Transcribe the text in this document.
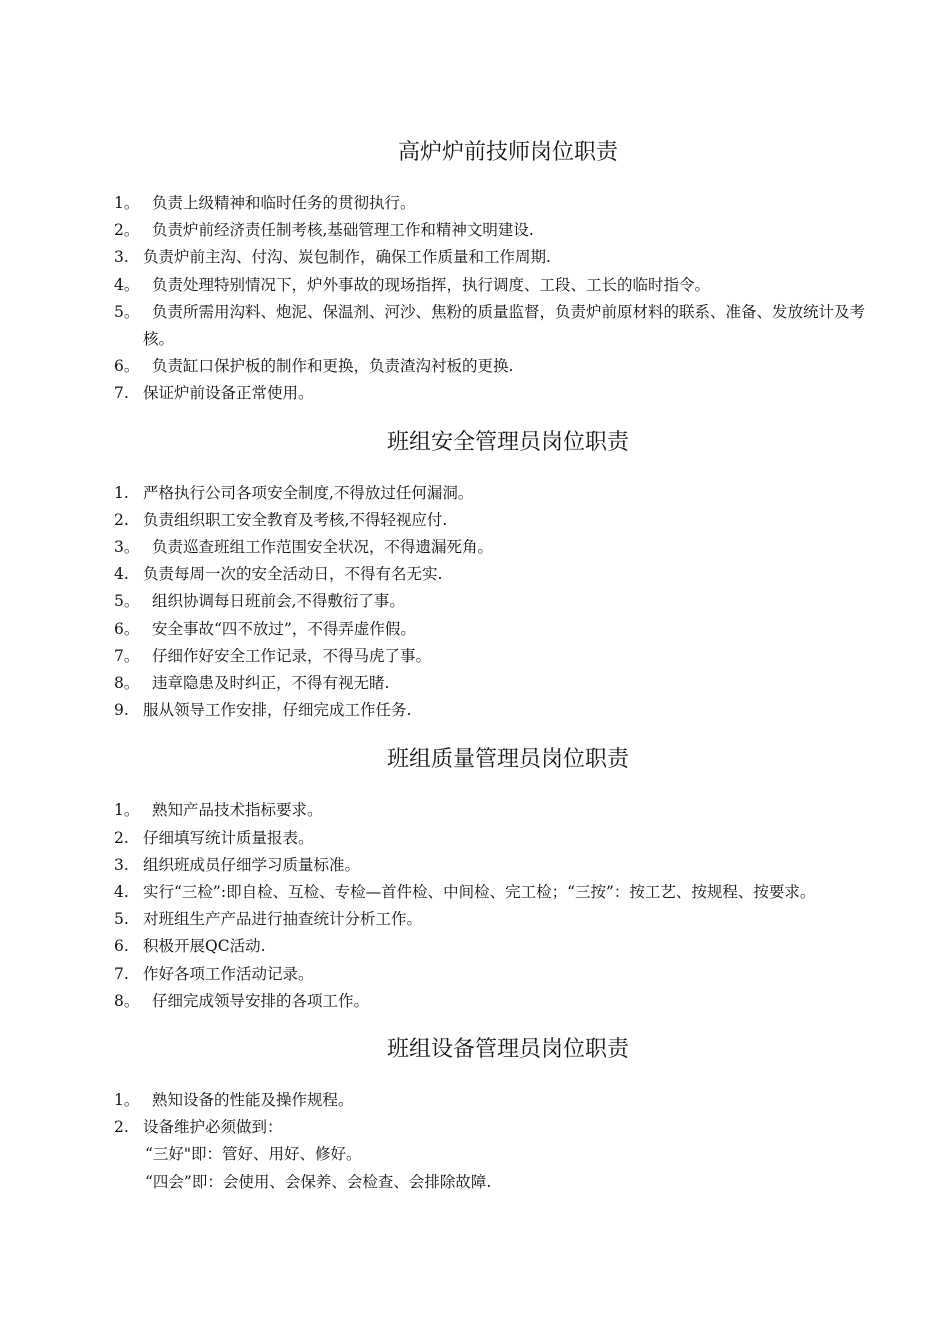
高炉炉前技师岗位职责
1。 负责上级精神和临时任务的贯彻执行。
2。 负责炉前经济责任制考核,基础管理工作和精神文明建设.
3. 负责炉前主沟、付沟、炭包制作，确保工作质量和工作周期.
4。 负责处理特别情况下，炉外事故的现场指挥，执行调度、工段、工长的临时指令。
5。 负责所需用沟料、炮泥、保温剂、河沙、焦粉的质量监督，负责炉前原材料的联系、准备、发放统计及考核。
6。 负责缸口保护板的制作和更换，负责渣沟衬板的更换.
7. 保证炉前设备正常使用。
班组安全管理员岗位职责
1. 严格执行公司各项安全制度,不得放过任何漏洞。
2. 负责组织职工安全教育及考核,不得轻视应付.
3。 负责巡查班组工作范围安全状况，不得遗漏死角。
4. 负责每周一次的安全活动日，不得有名无实.
5。 组织协调每日班前会,不得敷衍了事。
6。 安全事故“四不放过”，不得弄虚作假。
7。 仔细作好安全工作记录，不得马虎了事。
8。 违章隐患及时纠正，不得有视无睹.
9. 服从领导工作安排，仔细完成工作任务.
班组质量管理员岗位职责
1。 熟知产品技术指标要求。
2. 仔细填写统计质量报表。
3. 组织班成员仔细学习质量标准。
4. 实行“三检”:即自检、互检、专检—首件检、中间检、完工检；“三按”：按工艺、按规程、按要求。
5. 对班组生产产品进行抽查统计分析工作。
6. 积极开展QC活动.
7. 作好各项工作活动记录。
8。 仔细完成领导安排的各项工作。
班组设备管理员岗位职责
1。 熟知设备的性能及操作规程。
2. 设备维护必须做到：
“三好"即：管好、用好、修好。
“四会”即：会使用、会保养、会检查、会排除故障.
